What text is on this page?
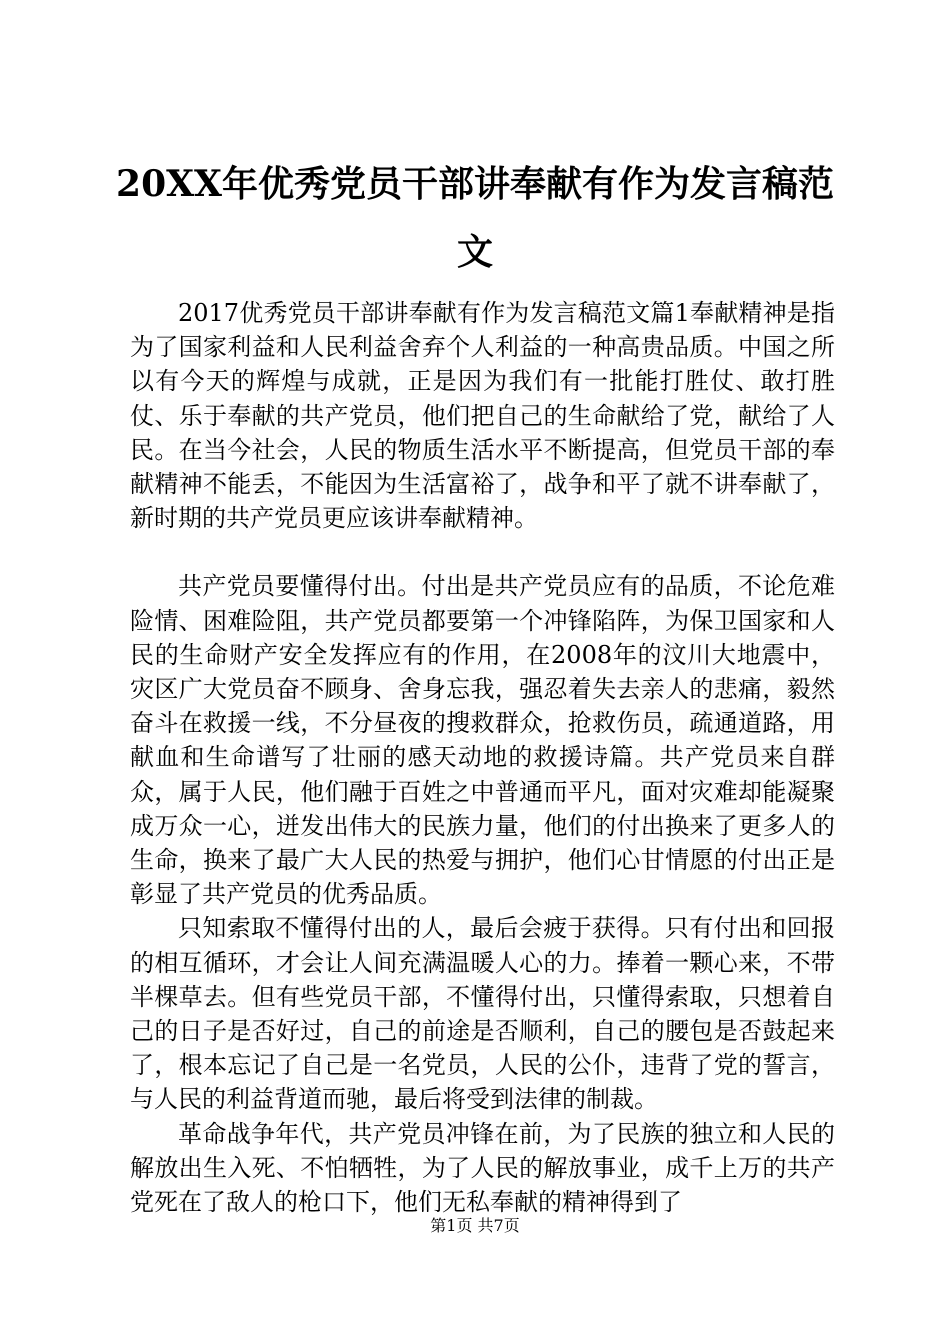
20XX年优秀党员干部讲奉献有作为发言稿范文

2017优秀党员干部讲奉献有作为发言稿范文篇1奉献精神是指为了国家利益和人民利益舍弃个人利益的一种高贵品质。中国之所以有今天的辉煌与成就，正是因为我们有一批能打胜仗、敢打胜仗、乐于奉献的共产党员，他们把自己的生命献给了党，献给了人民。在当今社会，人民的物质生活水平不断提高，但党员干部的奉献精神不能丢，不能因为生活富裕了，战争和平了就不讲奉献了，新时期的共产党员更应该讲奉献精神。

共产党员要懂得付出。付出是共产党员应有的品质，不论危难险情、困难险阻，共产党员都要第一个冲锋陷阵，为保卫国家和人民的生命财产安全发挥应有的作用，在2008年的汶川大地震中，灾区广大党员奋不顾身、舍身忘我，强忍着失去亲人的悲痛，毅然奋斗在救援一线，不分昼夜的搜救群众，抢救伤员，疏通道路，用献血和生命谱写了壮丽的感天动地的救援诗篇。共产党员来自群众，属于人民，他们融于百姓之中普通而平凡，面对灾难却能凝聚成万众一心，迸发出伟大的民族力量，他们的付出换来了更多人的生命，换来了最广大人民的热爱与拥护，他们心甘情愿的付出正是彰显了共产党员的优秀品质。

只知索取不懂得付出的人，最后会疲于获得。只有付出和回报的相互循环，才会让人间充满温暖人心的力。捧着一颗心来，不带半棵草去。但有些党员干部，不懂得付出，只懂得索取，只想着自己的日子是否好过，自己的前途是否顺利，自己的腰包是否鼓起来了，根本忘记了自己是一名党员，人民的公仆，违背了党的誓言，与人民的利益背道而驰，最后将受到法律的制裁。

革命战争年代，共产党员冲锋在前，为了民族的独立和人民的解放出生入死、不怕牺牲，为了人民的解放事业，成千上万的共产党死在了敌人的枪口下，他们无私奉献的精神得到了

第1页 共7页
